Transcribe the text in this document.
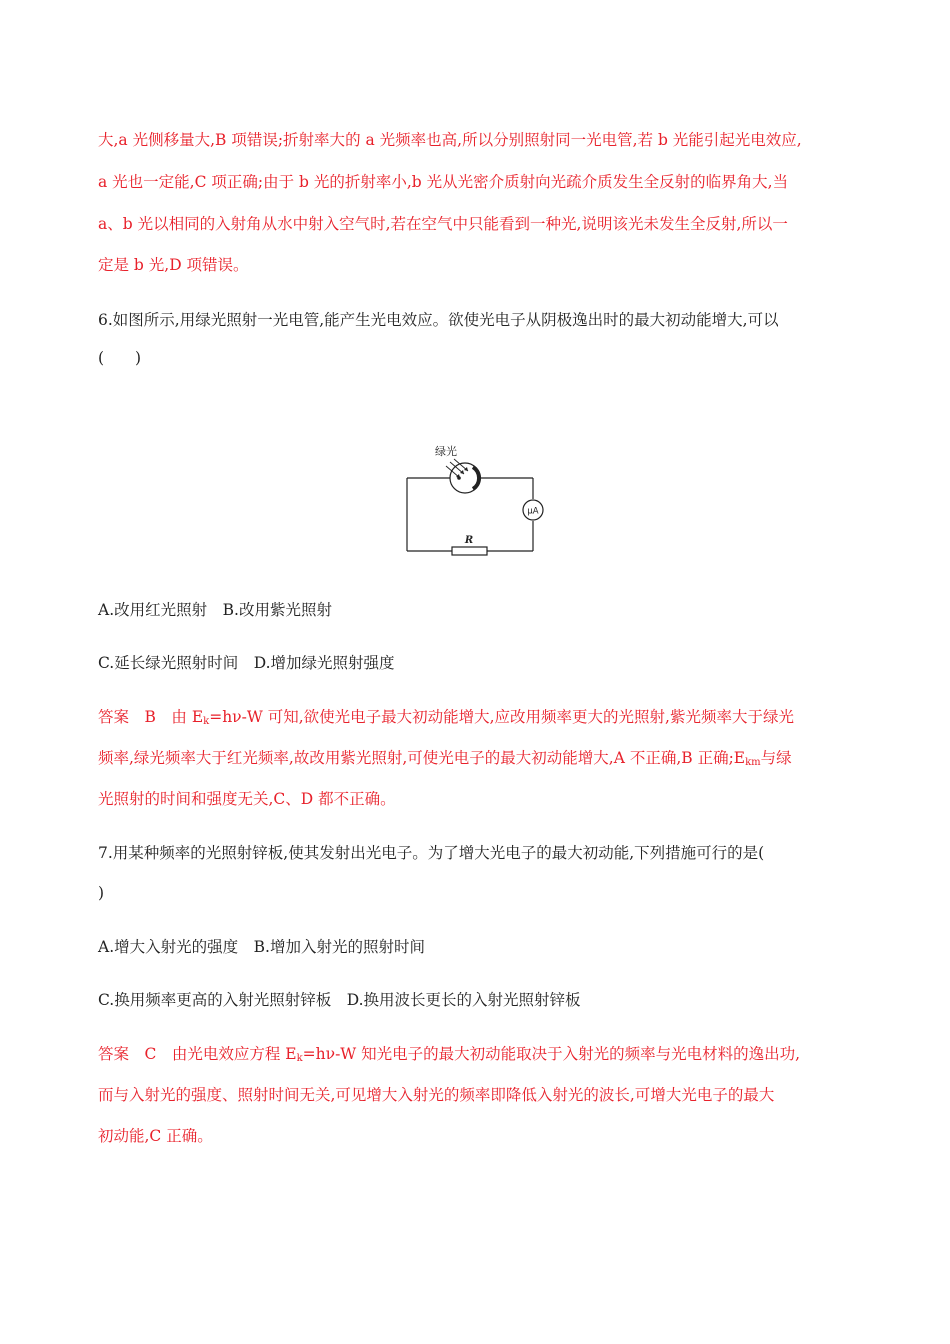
大,a 光侧移量大,B 项错误;折射率大的 a 光频率也高,所以分别照射同一光电管,若 b 光能引起光电效应,
a 光也一定能,C 项正确;由于 b 光的折射率小,b 光从光密介质射向光疏介质发生全反射的临界角大,当
a、b 光以相同的入射角从水中射入空气时,若在空气中只能看到一种光,说明该光未发生全反射,所以一
定是 b 光,D 项错误。
6.如图所示,用绿光照射一光电管,能产生光电效应。欲使光电子从阴极逸出时的最大初动能增大,可以
(　　)
绿光
μA
R
A.改用红光照射　B.改用紫光照射
C.延长绿光照射时间　D.增加绿光照射强度
答案　B　由 $E_k=h\nu-W$ 可知,欲使光电子最大初动能增大,应改用频率更大的光照射,紫光频率大于绿光
频率,绿光频率大于红光频率,故改用紫光照射,可使光电子的最大初动能增大,A 不正确,B 正确$;E_{km}$与绿
光照射的时间和强度无关,C、D 都不正确。
7.用某种频率的光照射锌板,使其发射出光电子。为了增大光电子的最大初动能,下列措施可行的是(
)
A.增大入射光的强度　B.增加入射光的照射时间
C.换用频率更高的入射光照射锌板　D.换用波长更长的入射光照射锌板
答案　C　由光电效应方程 $E_k=h\nu-W$ 知光电子的最大初动能取决于入射光的频率与光电材料的逸出功,
而与入射光的强度、照射时间无关,可见增大入射光的频率即降低入射光的波长,可增大光电子的最大
初动能,C 正确。
